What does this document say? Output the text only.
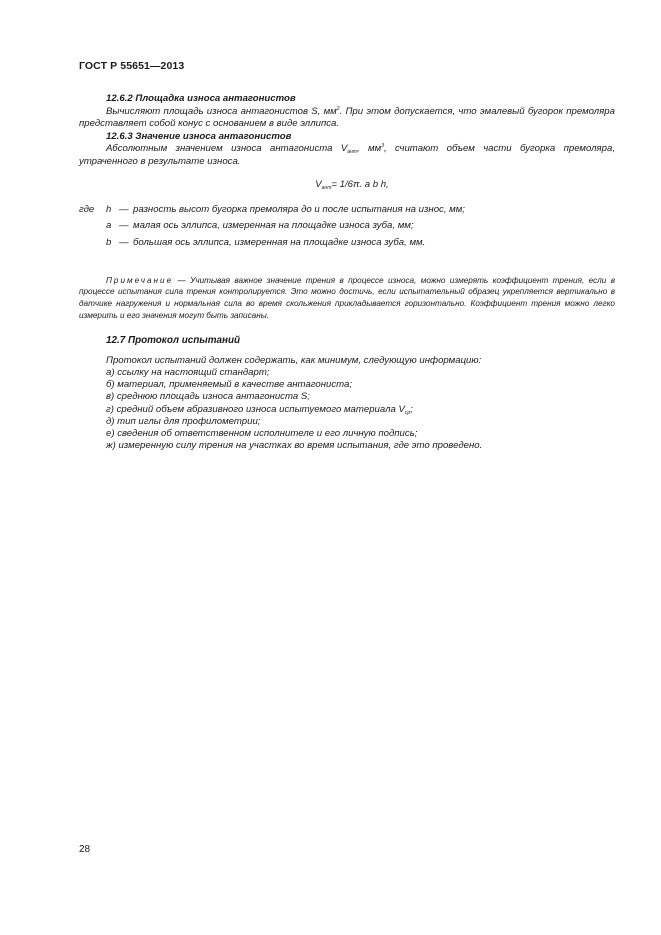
ГОСТ Р 55651—2013
12.6.2 Площадка износа антагонистов
Вычисляют площадь износа антагонистов S, $мм^2$. При этом допускается, что эмалевый бугорок премоляра представляет собой конус с основанием в виде эллипса.
12.6.3 Значение износа антагонистов
Абсолютным значением износа антагониста $V_{ант}$, $мм^3$, считают объем части бугорка премоляра, утраченного в результате износа.
$V_{ант}= 1/6\pi$. a b h,
где	h — разность высот бугорка премоляра до и после испытания на износ, мм;
a — малая ось эллипса, измеренная на площадке износа зуба, мм;
b — большая ось эллипса, измеренная на площадке износа зуба, мм.
Примечание — Учитывая важное значение трения в процессе износа, можно измерять коэффициент трения, если в процессе испытания сила трения контролируется. Это можно достичь, если испытательный образец укрепляется вертикально в датчике нагружения и нормальная сила во время скольжения прикладывается горизонтально. Коэффициент трения можно легко измерить и его значения могут быть записаны.
12.7 Протокол испытаний
Протокол испытаний должен содержать, как минимум, следующую информацию:
а) ссылку на настоящий стандарт;
б) материал, применяемый в качестве антагониста;
в) среднюю площадь износа антагониста S;
г) средний объем абразивного износа испытуемого материала $V_{ср}$;
д) тип иглы для профилометрии;
е) сведения об ответственном исполнителе и его личную подпись;
ж) измеренную силу трения на участках во время испытания, где это проведено.
28
